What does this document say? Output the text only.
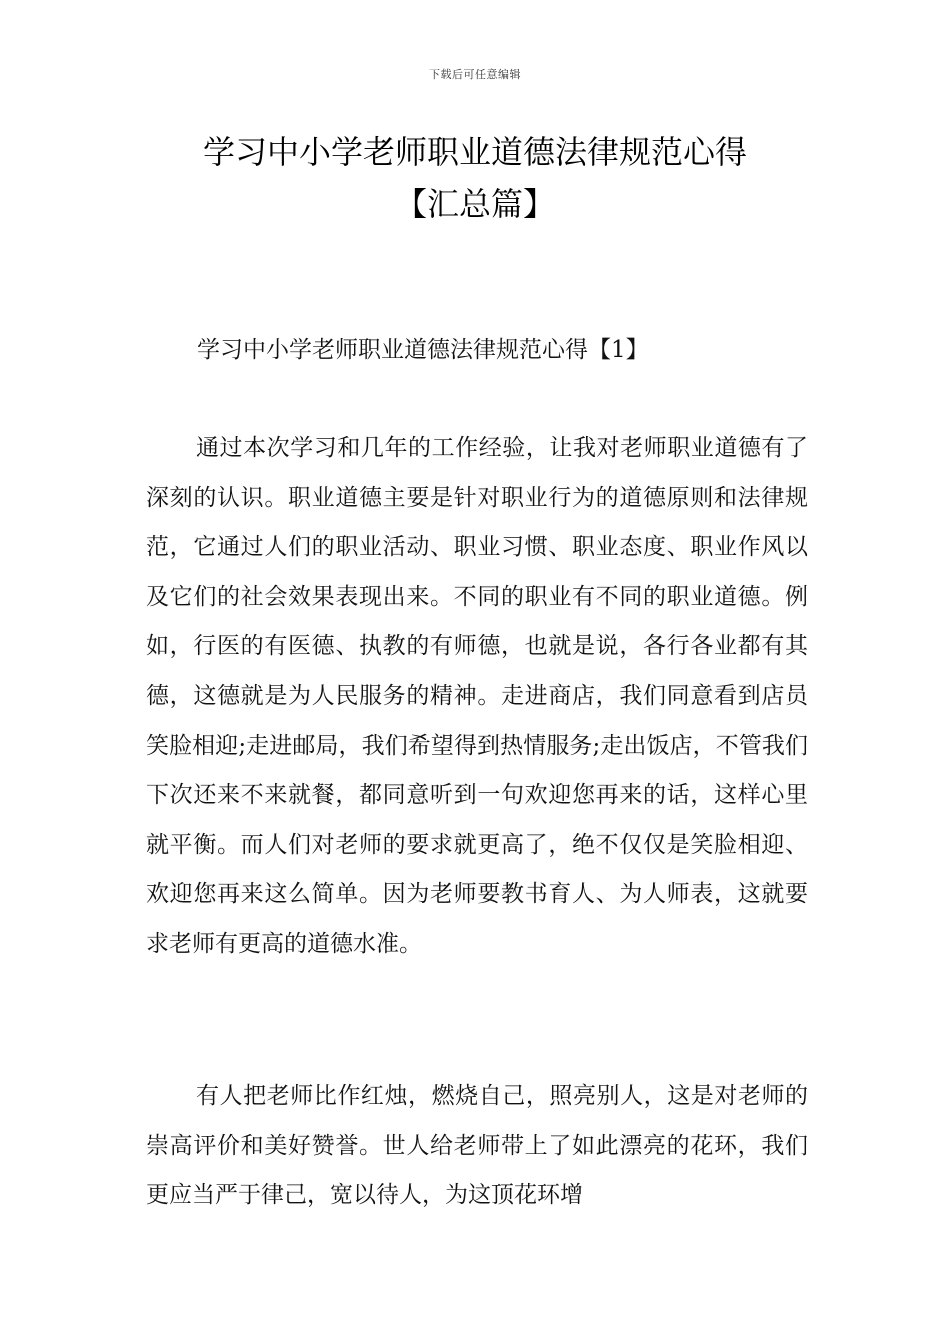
下载后可任意编辑
学习中小学老师职业道德法律规范心得
【汇总篇】
学习中小学老师职业道德法律规范心得【1】

通过本次学习和几年的工作经验，让我对老师职业道德有了深刻的认识。职业道德主要是针对职业行为的道德原则和法律规范，它通过人们的职业活动、职业习惯、职业态度、职业作风以及它们的社会效果表现出来。不同的职业有不同的职业道德。例如，行医的有医德、执教的有师德，也就是说，各行各业都有其德，这德就是为人民服务的精神。走进商店，我们同意看到店员笑脸相迎;走进邮局，我们希望得到热情服务;走出饭店，不管我们下次还来不来就餐，都同意听到一句欢迎您再来的话，这样心里就平衡。而人们对老师的要求就更高了，绝不仅仅是笑脸相迎、欢迎您再来这么简单。因为老师要教书育人、为人师表，这就要求老师有更高的道德水准。

有人把老师比作红烛，燃烧自己，照亮别人，这是对老师的崇高评价和美好赞誉。世人给老师带上了如此漂亮的花环，我们更应当严于律己，宽以待人，为这顶花环增
